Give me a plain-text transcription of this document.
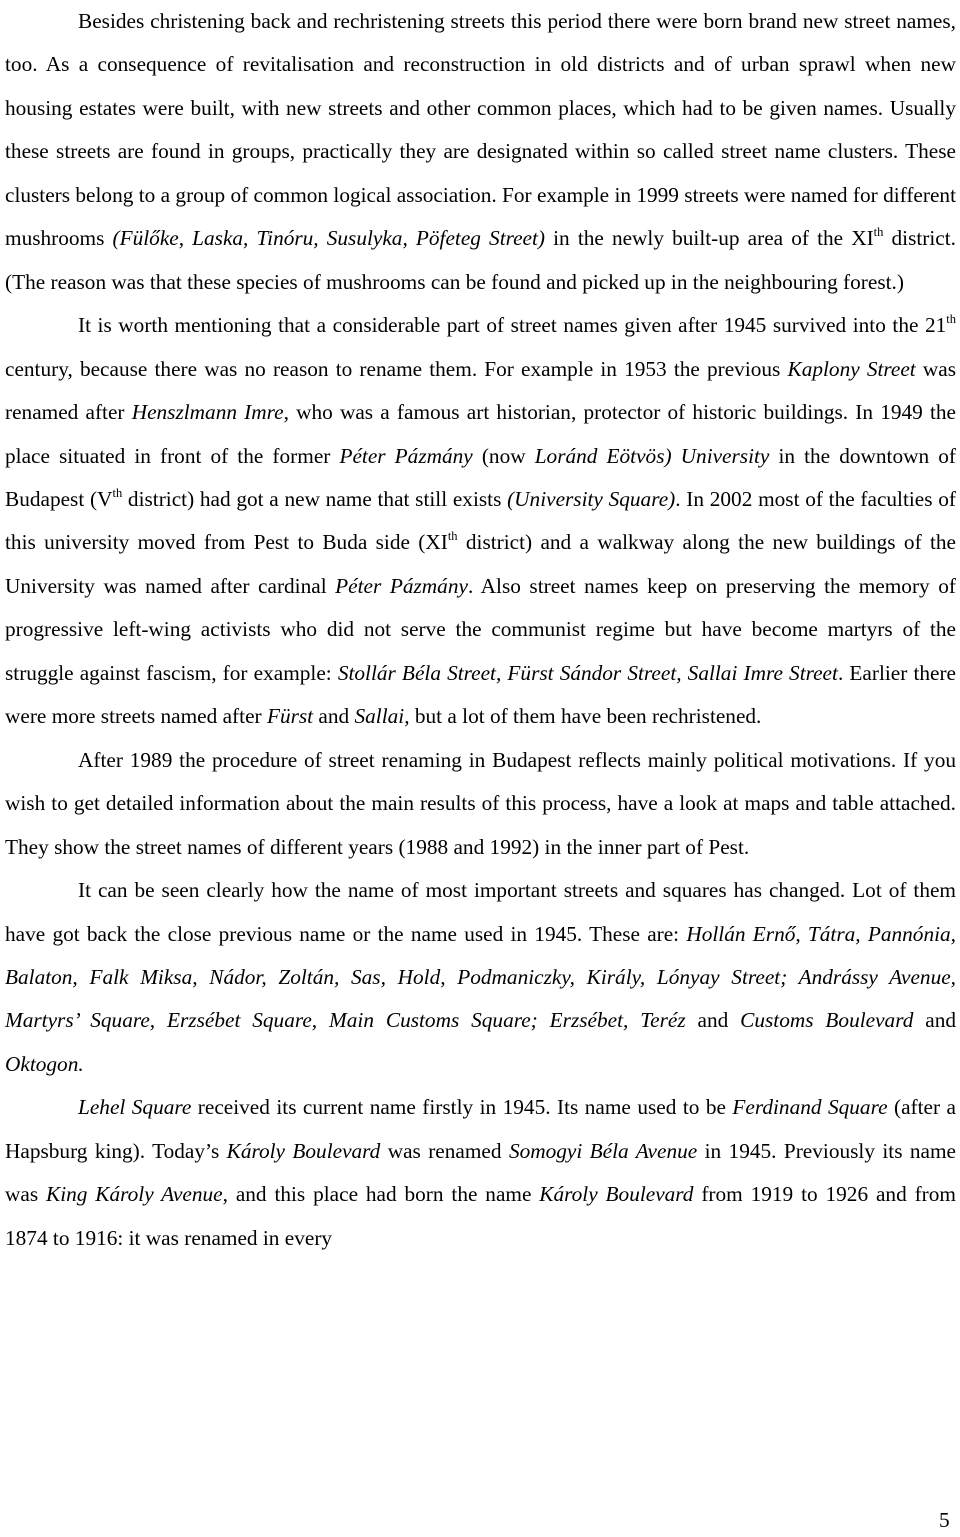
Besides christening back and rechristening streets this period there were born brand new street names, too. As a consequence of revitalisation and reconstruction in old districts and of urban sprawl when new housing estates were built, with new streets and other common places, which had to be given names. Usually these streets are found in groups, practically they are designated within so called street name clusters. These clusters belong to a group of common logical association. For example in 1999 streets were named for different mushrooms (Fülőke, Laska, Tinóru, Susulyka, Pöfeteg Street) in the newly built-up area of the XIth district. (The reason was that these species of mushrooms can be found and picked up in the neighbouring forest.)

It is worth mentioning that a considerable part of street names given after 1945 survived into the 21th century, because there was no reason to rename them. For example in 1953 the previous Kaplony Street was renamed after Henszlmann Imre, who was a famous art historian, protector of historic buildings. In 1949 the place situated in front of the former Péter Pázmány (now Loránd Eötvös) University in the downtown of Budapest (Vth district) had got a new name that still exists (University Square). In 2002 most of the faculties of this university moved from Pest to Buda side (XIth district) and a walkway along the new buildings of the University was named after cardinal Péter Pázmány. Also street names keep on preserving the memory of progressive left-wing activists who did not serve the communist regime but have become martyrs of the struggle against fascism, for example: Stollár Béla Street, Fürst Sándor Street, Sallai Imre Street. Earlier there were more streets named after Fürst and Sallai, but a lot of them have been rechristened.

After 1989 the procedure of street renaming in Budapest reflects mainly political motivations. If you wish to get detailed information about the main results of this process, have a look at maps and table attached. They show the street names of different years (1988 and 1992) in the inner part of Pest.

It can be seen clearly how the name of most important streets and squares has changed. Lot of them have got back the close previous name or the name used in 1945. These are: Hollán Ernő, Tátra, Pannónia, Balaton, Falk Miksa, Nádor, Zoltán, Sas, Hold, Podmaniczky, Király, Lónyay Street; Andrássy Avenue, Martyrs’ Square, Erzsébet Square, Main Customs Square; Erzsébet, Teréz and Customs Boulevard and Oktogon.

Lehel Square received its current name firstly in 1945. Its name used to be Ferdinand Square (after a Hapsburg king). Today’s Károly Boulevard was renamed Somogyi Béla Avenue in 1945. Previously its name was King Károly Avenue, and this place had born the name Károly Boulevard from 1919 to 1926 and from 1874 to 1916: it was renamed in every

5
